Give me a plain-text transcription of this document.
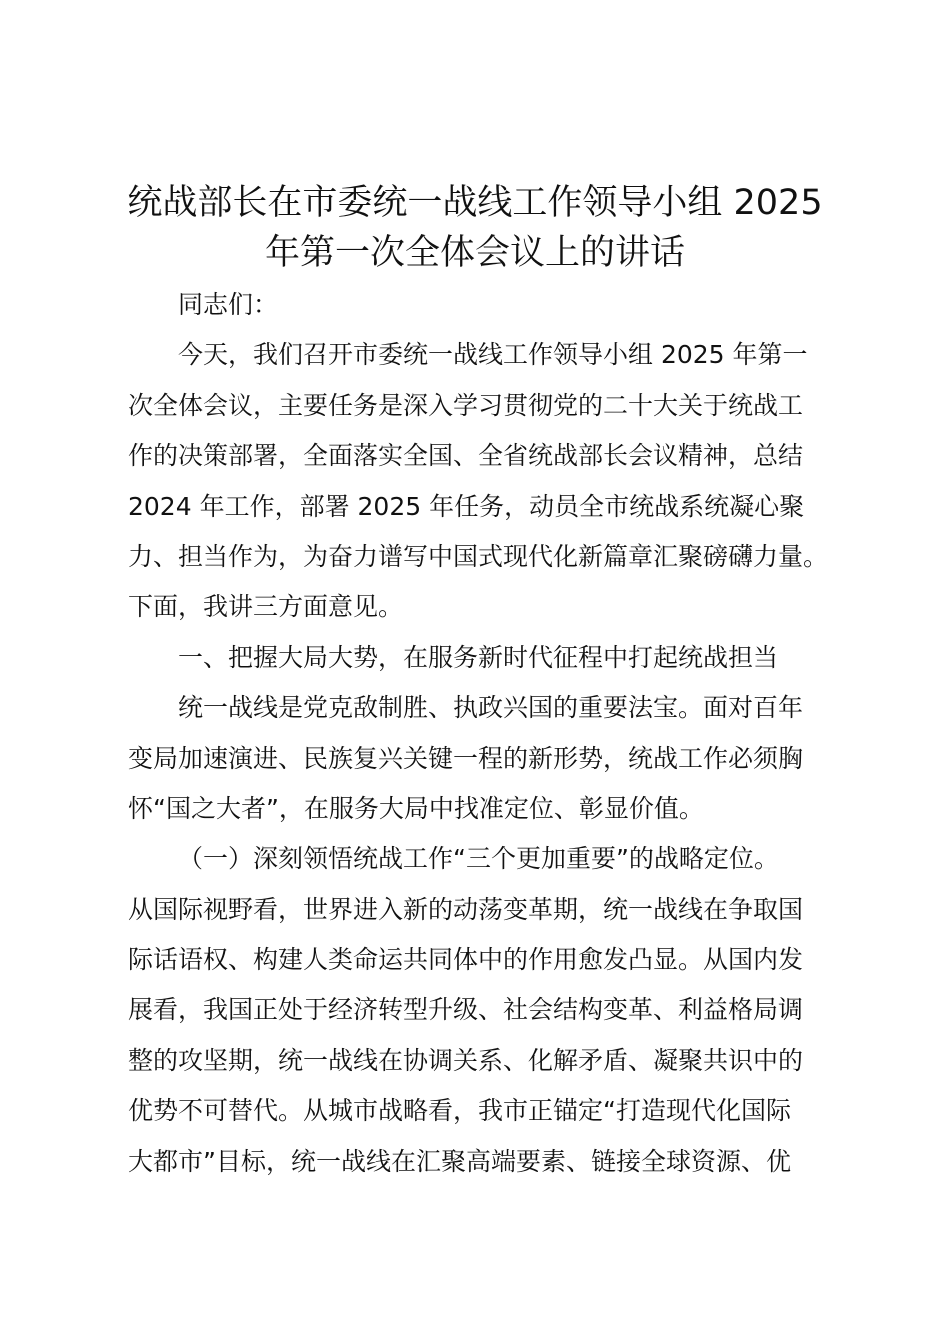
统战部长在市委统一战线工作领导小组 2025
年第一次全体会议上的讲话
同志们：
今天，我们召开市委统一战线工作领导小组 2025 年第一
次全体会议，主要任务是深入学习贯彻党的二十大关于统战工
作的决策部署，全面落实全国、全省统战部长会议精神，总结
2024 年工作，部署 2025 年任务，动员全市统战系统凝心聚
力、担当作为，为奋力谱写中国式现代化新篇章汇聚磅礴力量。
下面，我讲三方面意见。
一、把握大局大势，在服务新时代征程中打起统战担当
统一战线是党克敌制胜、执政兴国的重要法宝。面对百年
变局加速演进、民族复兴关键一程的新形势，统战工作必须胸
怀“国之大者”，在服务大局中找准定位、彰显价值。
（一）深刻领悟统战工作“三个更加重要”的战略定位。
从国际视野看，世界进入新的动荡变革期，统一战线在争取国
际话语权、构建人类命运共同体中的作用愈发凸显。从国内发
展看，我国正处于经济转型升级、社会结构变革、利益格局调
整的攻坚期，统一战线在协调关系、化解矛盾、凝聚共识中的
优势不可替代。从城市战略看，我市正锚定“打造现代化国际
大都市”目标，统一战线在汇聚高端要素、链接全球资源、优
